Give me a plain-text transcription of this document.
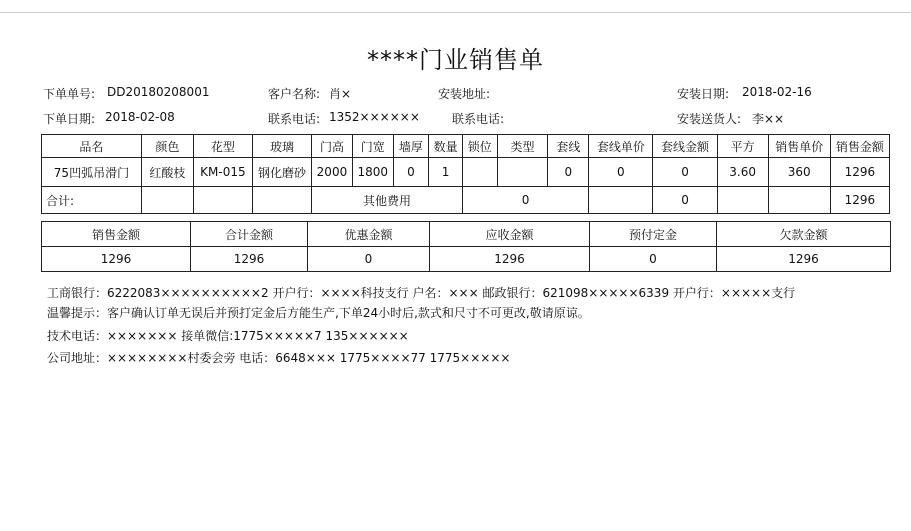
****门业销售单
下单单号: DD20180208001	客户名称: 肖×	安装地址:	安装日期: 2018-02-16
下单日期: 2018-02-08	联系电话: 1352××××××	联系电话:	安装送货人: 李××
品名	颜色	花型	玻璃	门高	门宽	墙厚	数量	锁位	类型	套线	套线单价	套线金额	平方	销售单价	销售金额
75凹弧吊滑门	红酸枝	KM-015	钢化磨砂	2000	1800	0	1			0	0	0	3.60	360	1296
合计:				其他费用				0				0			1296
销售金额	合计金额	优惠金额	应收金额	预付定金	欠款金额
1296	1296	0	1296	0	1296
工商银行：6222083××××××××××2 开户行：××××科技支行 户名：××× 邮政银行：621098×××××6339 开户行：×××××支行
温馨提示：客户确认订单无误后并预打定金后方能生产,下单24小时后,款式和尺寸不可更改,敬请原谅。
技术电话：××××××× 接单微信:1775×××××7 135××××××
公司地址：××××××××村委会旁 电话：6648××× 1775××××77 1775×××××
